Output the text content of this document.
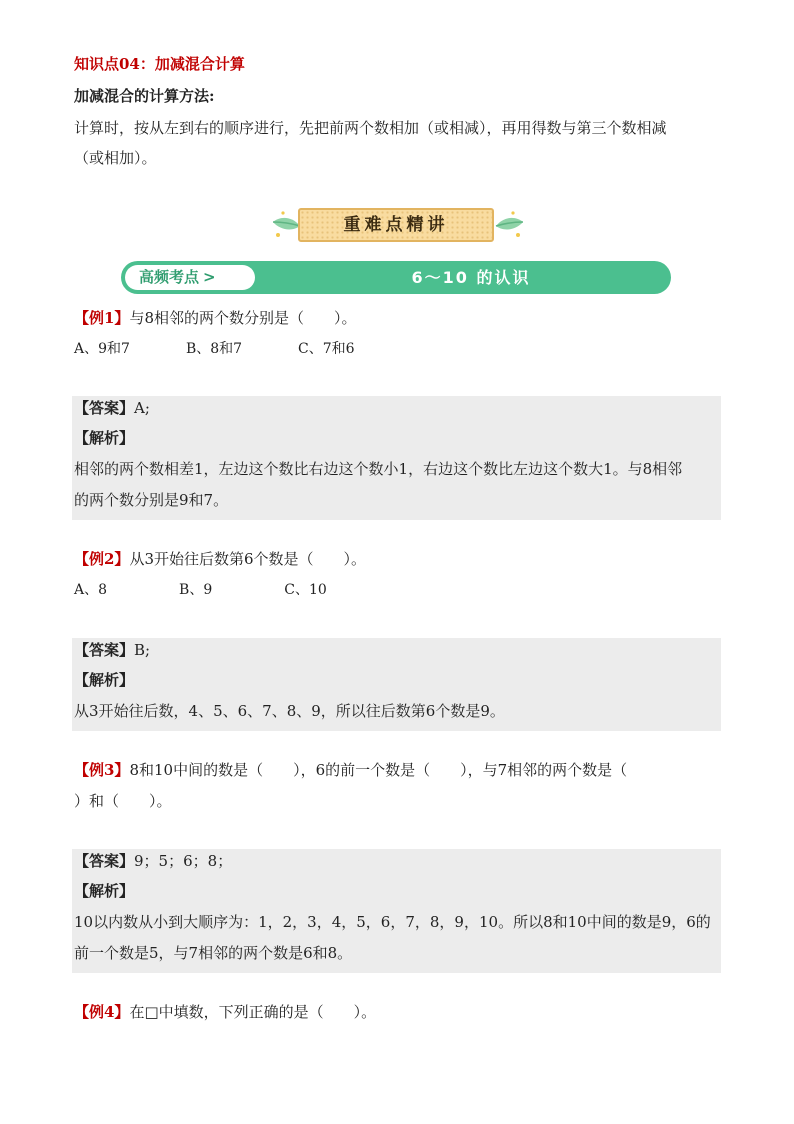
知识点04：加减混合计算
加减混合的计算方法:
计算时，按从左到右的顺序进行，先把前两个数相加（或相减），再用得数与第三个数相减
（或相加）。
重难点精讲
高频考点 >	6～10 的认识
【例1】与8相邻的两个数分别是（　　）。
A、9和7	B、8和7	C、7和6
【答案】A;
【解析】
相邻的两个数相差1，左边这个数比右边这个数小1，右边这个数比左边这个数大1。与8相邻
的两个数分别是9和7。
【例2】从3开始往后数第6个数是（　　）。
A、8	B、9	C、10
【答案】B;
【解析】
从3开始往后数，4、5、6、7、8、9，所以往后数第6个数是9。
【例3】8和10中间的数是（　　），6的前一个数是（　　），与7相邻的两个数是（
）和（　　）。
【答案】9；5；6；8；
【解析】
10以内数从小到大顺序为：1，2，3，4，5，6，7，8，9，10。所以8和10中间的数是9，6的
前一个数是5，与7相邻的两个数是6和8。
【例4】在□中填数，下列正确的是（　　）。
